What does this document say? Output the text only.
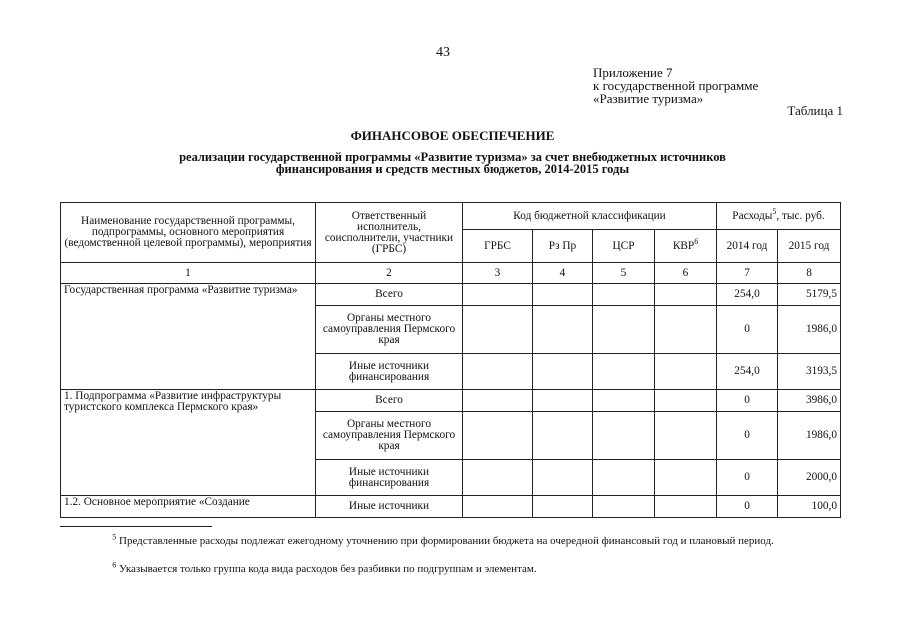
43
Приложение 7
к государственной программе
«Развитие туризма»
Таблица 1
ФИНАНСОВОЕ ОБЕСПЕЧЕНИЕ
реализации государственной программы «Развитие туризма» за счет внебюджетных источников
финансирования и средств местных бюджетов, 2014-2015 годы
Наименование государственной программы, подпрограммы, основного мероприятия (ведомственной целевой программы), мероприятия	Ответственный исполнитель, соисполнители, участники (ГРБС)	Код бюджетной классификации				Расходы$^5$, тыс. руб.	
		ГРБС	Рз Пр	ЦСР	КВР$^6$	2014 год	2015 год
1	2	3	4	5	6	7	8
Государственная программа «Развитие туризма»	Всего					254,0	5179,5
	Органы местного самоуправления Пермского края					0	1986,0
	Иные источники финансирования					254,0	3193,5
1. Подпрограмма «Развитие инфраструктуры туристского комплекса Пермского края»	Всего					0	3986,0
	Органы местного самоуправления Пермского края					0	1986,0
	Иные источники финансирования					0	2000,0
1.2. Основное мероприятие «Создание	Иные источники					0	100,0
$^5$ Представленные расходы подлежат ежегодному уточнению при формировании бюджета на очередной финансовый год и плановый период.
$^6$ Указывается только группа кода вида расходов без разбивки по подгруппам и элементам.
